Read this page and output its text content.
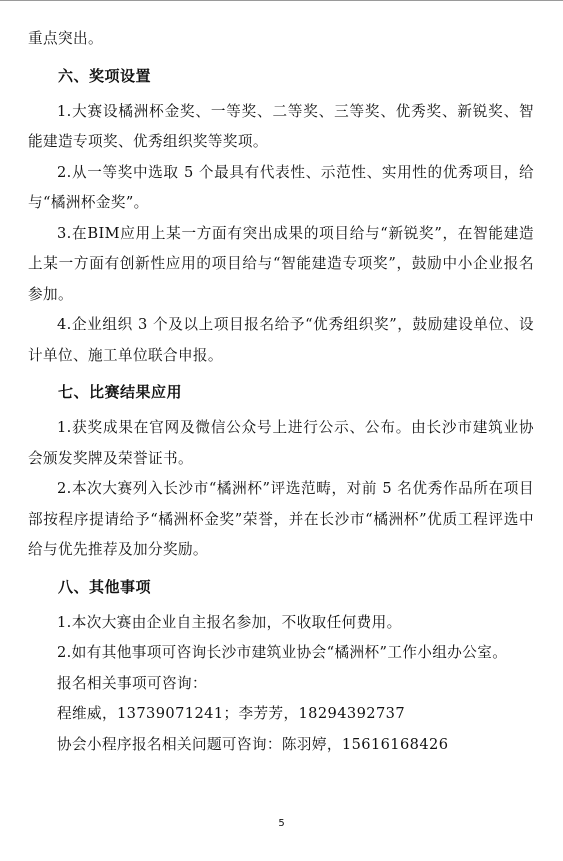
重点突出。

六、奖项设置

1.大赛设橘洲杯金奖、一等奖、二等奖、三等奖、优秀奖、新锐奖、智能建造专项奖、优秀组织奖等奖项。

2.从一等奖中选取 5 个最具有代表性、示范性、实用性的优秀项目，给与“橘洲杯金奖”。

3.在BIM应用上某一方面有突出成果的项目给与“新锐奖”，在智能建造上某一方面有创新性应用的项目给与“智能建造专项奖”，鼓励中小企业报名参加。

4.企业组织 3 个及以上项目报名给予“优秀组织奖”，鼓励建设单位、设计单位、施工单位联合申报。

七、比赛结果应用

1.获奖成果在官网及微信公众号上进行公示、公布。由长沙市建筑业协会颁发奖牌及荣誉证书。

2.本次大赛列入长沙市“橘洲杯”评选范畴，对前 5 名优秀作品所在项目部按程序提请给予“橘洲杯金奖”荣誉，并在长沙市“橘洲杯”优质工程评选中给与优先推荐及加分奖励。

八、其他事项

1.本次大赛由企业自主报名参加，不收取任何费用。

2.如有其他事项可咨询长沙市建筑业协会“橘洲杯”工作小组办公室。

报名相关事项可咨询：

程维威，13739071241；李芳芳，18294392737

协会小程序报名相关问题可咨询：陈羽婷，15616168426

5
